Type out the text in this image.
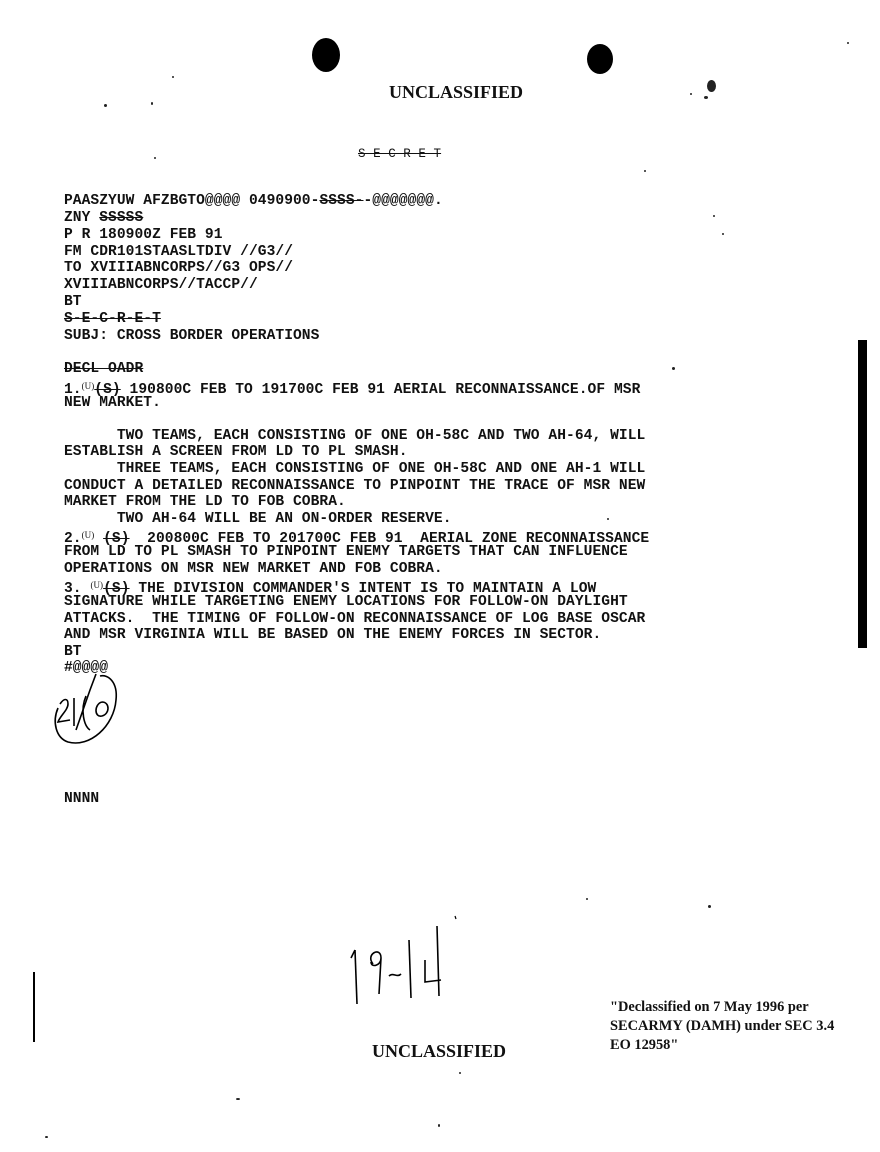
UNCLASSIFIED
S E C R E T
PAASZYUW AFZBGTO@@@@ 0490900-SSSS--@@@@@@@.
ZNY SSSSS
P R 180900Z FEB 91
FM CDR101STAASLTDIV //G3//
TO XVIIIABNCORPS//G3 OPS//
XVIIIABNCORPS//TACCP//
BT
S-E-C-R-E-T
SUBJ: CROSS BORDER OPERATIONS
DECL OADR
1.$^{(U)}$(S) 190800C FEB TO 191700C FEB 91 AERIAL RECONNAISSANCE.OF MSR
NEW MARKET.
TWO TEAMS, EACH CONSISTING OF ONE OH-58C AND TWO AH-64, WILL
ESTABLISH A SCREEN FROM LD TO PL SMASH.
THREE TEAMS, EACH CONSISTING OF ONE OH-58C AND ONE AH-1 WILL
CONDUCT A DETAILED RECONNAISSANCE TO PINPOINT THE TRACE OF MSR NEW
MARKET FROM THE LD TO FOB COBRA.
TWO AH-64 WILL BE AN ON-ORDER RESERVE.
2.$^{(U)}$ (S)  200800C FEB TO 201700C FEB 91  AERIAL ZONE RECONNAISSANCE
FROM LD TO PL SMASH TO PINPOINT ENEMY TARGETS THAT CAN INFLUENCE
OPERATIONS ON MSR NEW MARKET AND FOB COBRA.
3. $^{(U)}$(S) THE DIVISION COMMANDER'S INTENT IS TO MAINTAIN A LOW
SIGNATURE WHILE TARGETING ENEMY LOCATIONS FOR FOLLOW-ON DAYLIGHT
ATTACKS.  THE TIMING OF FOLLOW-ON RECONNAISSANCE OF LOG BASE OSCAR
AND MSR VIRGINIA WILL BE BASED ON THE ENEMY FORCES IN SECTOR.
BT
#@@@@
NNNN
UNCLASSIFIED
"Declassified on 7 May 1996 per
SECARMY (DAMH) under SEC 3.4
EO 12958"
